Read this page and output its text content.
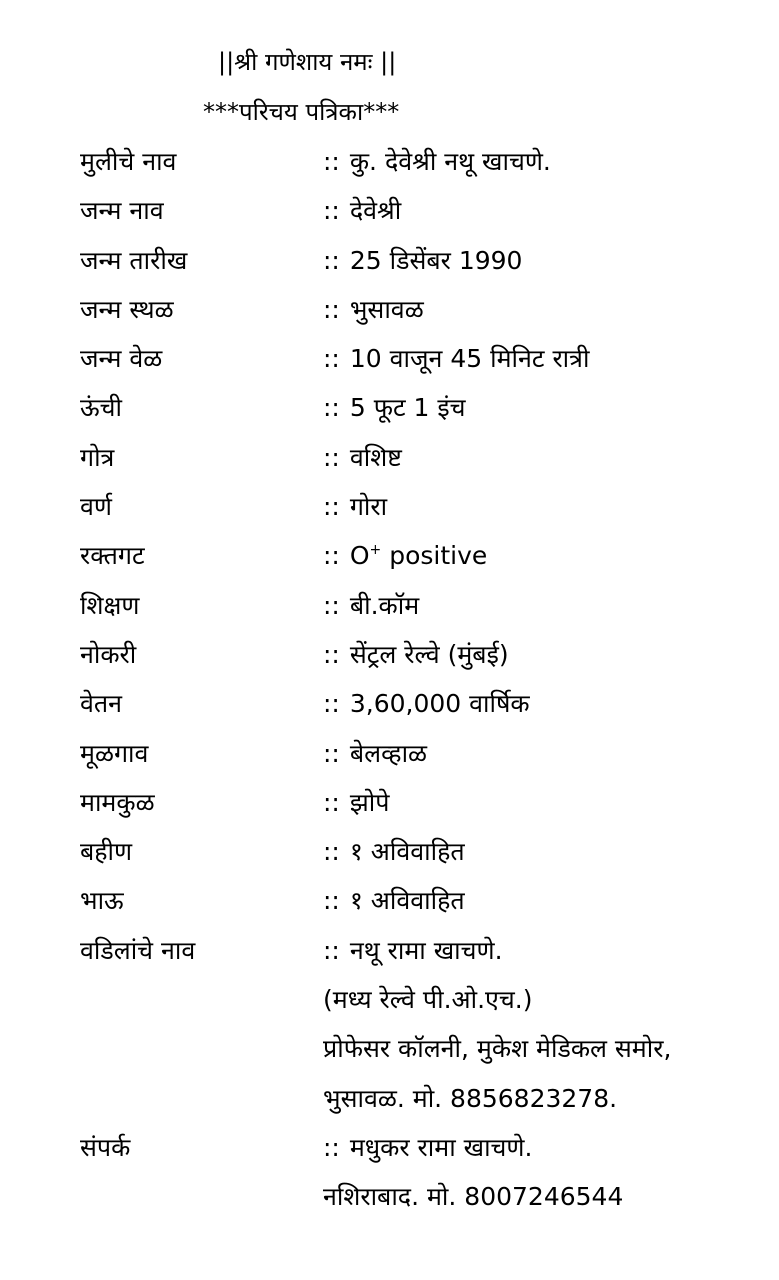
||श्री गणेशाय नमः ||
***परिचय पत्रिका***
मुलीचे नाव	:: कु. देवेश्री नथू खाचणे.
जन्म नाव	:: देवेश्री
जन्म तारीख	:: 25 डिसेंबर 1990
जन्म स्थळ	:: भुसावळ
जन्म वेळ	:: 10 वाजून 45 मिनिट रात्री
ऊंची	:: 5 फूट 1 इंच
गोत्र	:: वशिष्ट
वर्ण	:: गोरा
रक्तगट	:: O+ positive
शिक्षण	:: बी.कॉम
नोकरी	:: सेंट्रल रेल्वे (मुंबई)
वेतन	:: 3,60,000 वार्षिक
मूळगाव	:: बेलव्हाळ
मामकुळ	:: झोपे
बहीण	:: १ अविवाहित
भाऊ	:: १ अविवाहित
वडिलांचे नाव	:: नथू रामा खाचणे.
(मध्य रेल्वे पी.ओ.एच.)
प्रोफेसर कॉलनी, मुकेश मेडिकल समोर,
भुसावळ. मो. 8856823278.
संपर्क	:: मधुकर रामा खाचणे.
नशिराबाद. मो. 8007246544
